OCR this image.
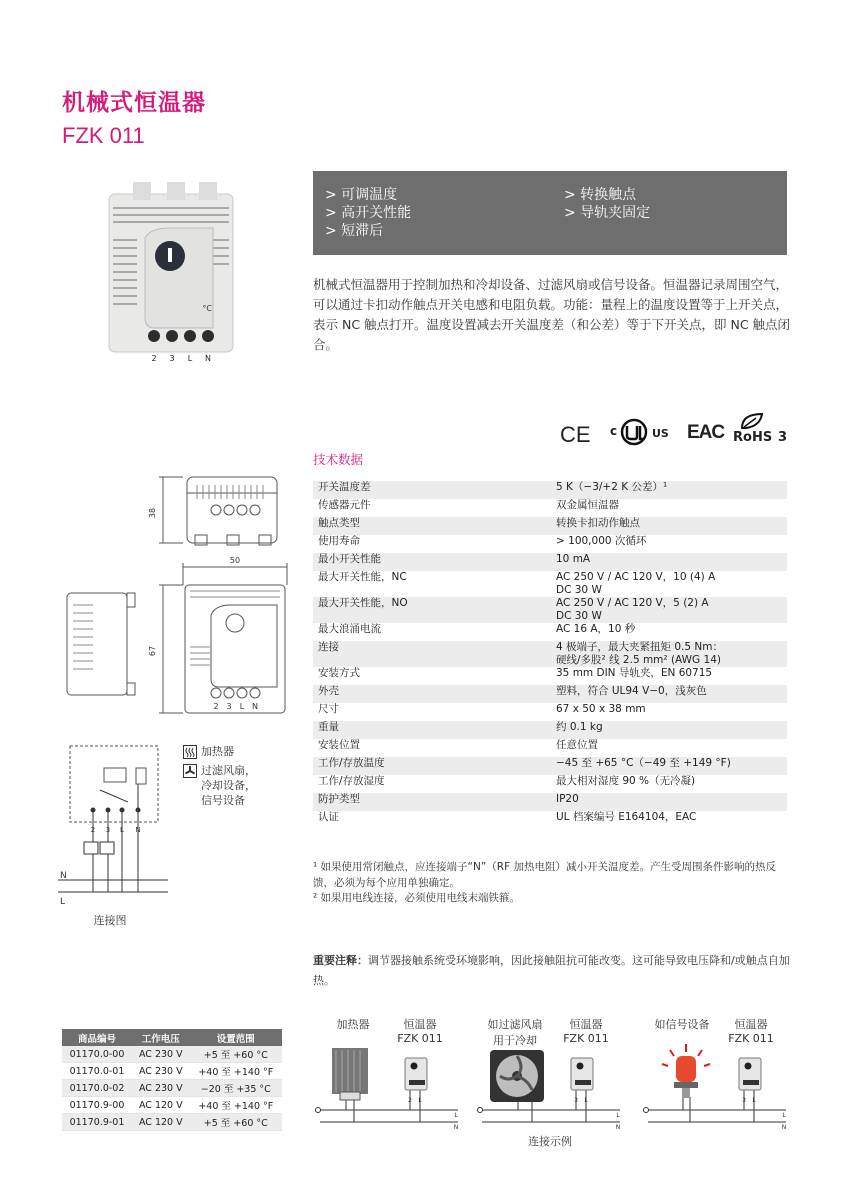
机械式恒温器
FZK 011
°C
2 3 L N
> 可调温度
> 高开关性能
> 短滞后
> 转换触点
> 导轨夹固定
机械式恒温器用于控制加热和冷却设备、过滤风扇或信号设备。恒温器记录周围空气，可以通过卡扣动作触点开关电感和电阻负载。功能：量程上的温度设置等于上开关点，表示 NC 触点打开。温度设置减去开关温度差（和公差）等于下开关点，即 NC 触点闭合。
CE c	US EAC RoHS 3
技术数据
开关温度差	5 K（−3/+2 K 公差）¹

传感器元件	双金属恒温器

触点类型	转换卡扣动作触点

使用寿命	> 100,000 次循环

最小开关性能	10 mA

最大开关性能，NC	AC 250 V / AC 120 V，10 (4) A
DC 30 W

最大开关性能，NO	AC 250 V / AC 120 V，5 (2) A
DC 30 W

最大浪涌电流	AC 16 A，10 秒

连接	4 极端子，最大夹紧扭矩 0.5 Nm：
硬线/多股² 线 2.5 mm² (AWG 14)

安装方式	35 mm DIN 导轨夹，EN 60715

外壳	塑料，符合 UL94 V−0，浅灰色

尺寸	67 x 50 x 38 mm

重量	约 0.1 kg

安装位置	任意位置

工作/存放温度	−45 至 +65 °C（−49 至 +149 °F)

工作/存放湿度	最大相对湿度 90 %（无冷凝)

防护类型	IP20

认证	UL 档案编号 E164104，EAC
¹ 如果使用常闭触点，应连接端子“N”（RF 加热电阻）减小开关温度差。产生受周围条件影响的热反馈，必须为每个应用单独确定。
² 如果用电线连接，必须使用电线末端铁箍。
重要注释：调节器接触系统受环境影响，因此接触阻抗可能改变。这可能导致电压降和/或触点自加热。
38
50
67
2 3 L N
加热器
过滤风扇，
冷却设备，
信号设备
2 3 L N
N
L
连接图
商品编号	工作电压	设置范围
01170.0-00	AC 230 V	+5 至 +60 °C
01170.0-01	AC 230 V	+40 至 +140 °F
01170.0-02	AC 230 V	−20 至 +35 °C
01170.9-00	AC 120 V	+40 至 +140 °F
01170.9-01	AC 120 V	+5 至 +60 °C
加热器	恒温器
FZK 011
如过滤风扇
用于冷却
恒温器
FZK 011
如信号设备	恒温器
FZK 011
2 L	3 L	3 L
L
N
L
N
L
N
连接示例
